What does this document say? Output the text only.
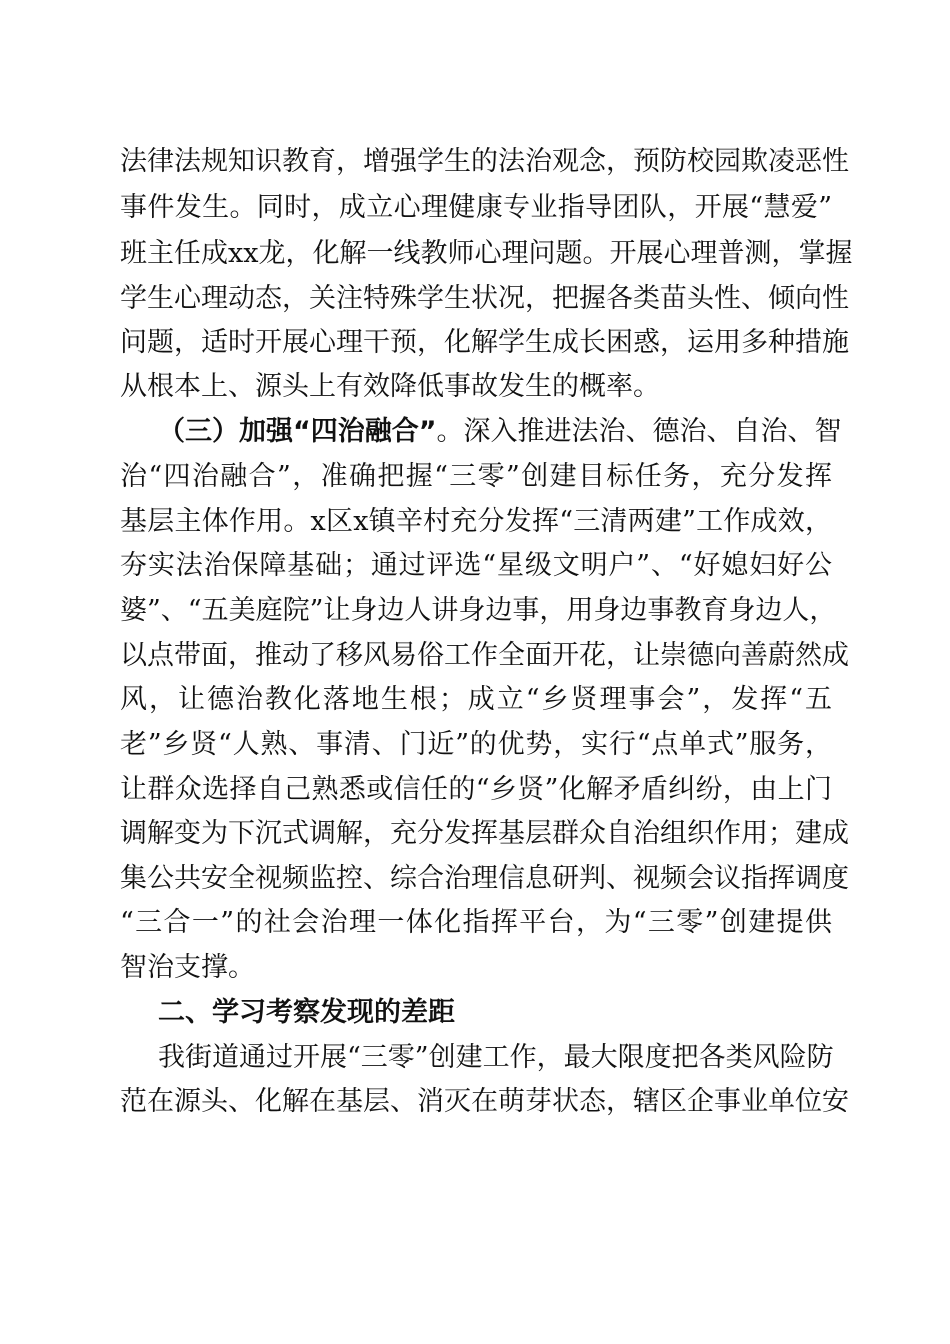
法律法规知识教育，增强学生的法治观念，预防校园欺凌恶性
事件发生。同时，成立心理健康专业指导团队，开展“慧爱”
班主任成xx龙，化解一线教师心理问题。开展心理普测，掌握
学生心理动态，关注特殊学生状况，把握各类苗头性、倾向性
问题，适时开展心理干预，化解学生成长困惑，运用多种措施
从根本上、源头上有效降低事故发生的概率。
（三）加强“四治融合”。深入推进法治、德治、自治、智
治“四治融合”，准确把握“三零”创建目标任务，充分发挥
基层主体作用。x区x镇辛村充分发挥“三清两建”工作成效，
夯实法治保障基础；通过评选“星级文明户”、“好媳妇好公
婆”、“五美庭院”让身边人讲身边事，用身边事教育身边人，
以点带面，推动了移风易俗工作全面开花，让崇德向善蔚然成
风，让德治教化落地生根；成立“乡贤理事会”，发挥“五
老”乡贤“人熟、事清、门近”的优势，实行“点单式”服务，
让群众选择自己熟悉或信任的“乡贤”化解矛盾纠纷，由上门
调解变为下沉式调解，充分发挥基层群众自治组织作用；建成
集公共安全视频监控、综合治理信息研判、视频会议指挥调度
“三合一”的社会治理一体化指挥平台，为“三零”创建提供
智治支撑。
二、学习考察发现的差距
我街道通过开展“三零”创建工作，最大限度把各类风险防
范在源头、化解在基层、消灭在萌芽状态，辖区企事业单位安
